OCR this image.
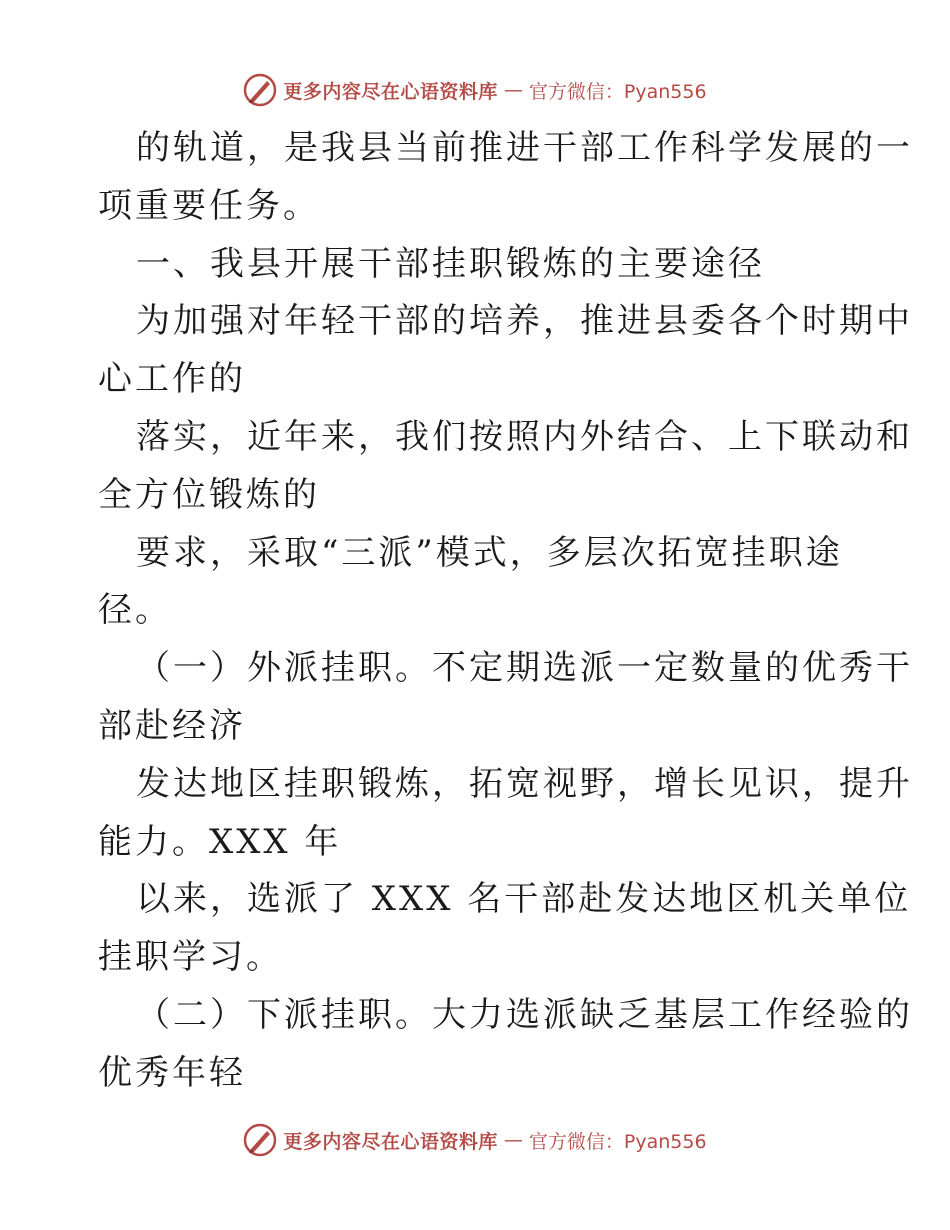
更多内容尽在心语资料库 — 官方微信：Pyan556
的轨道，是我县当前推进干部工作科学发展的一
项重要任务。
一、我县开展干部挂职锻炼的主要途径
为加强对年轻干部的培养，推进县委各个时期中
心工作的
落实，近年来，我们按照内外结合、上下联动和
全方位锻炼的
要求，采取“三派”模式，多层次拓宽挂职途
径。
（一）外派挂职。不定期选派一定数量的优秀干
部赴经济
发达地区挂职锻炼，拓宽视野，增长见识，提升
能力。XXX 年
以来，选派了 XXX 名干部赴发达地区机关单位
挂职学习。
（二）下派挂职。大力选派缺乏基层工作经验的
优秀年轻
更多内容尽在心语资料库 — 官方微信：Pyan556
